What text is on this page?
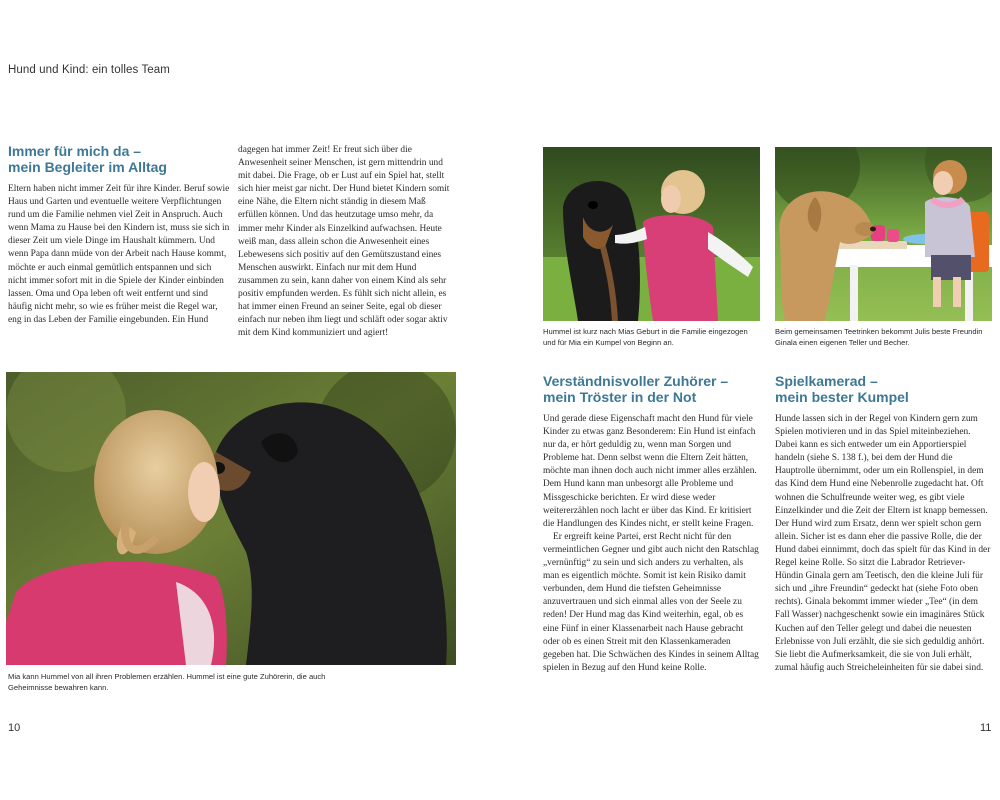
Hund und Kind: ein tolles Team
Immer für mich da –
mein Begleiter im Alltag

Eltern haben nicht immer Zeit für ihre Kinder. Beruf sowie Haus und Garten und eventuelle weitere Verpflichtungen rund um die Familie nehmen viel Zeit in Anspruch. Auch wenn Mama zu Hause bei den Kindern ist, muss sie sich in dieser Zeit um viele Dinge im Haushalt kümmern. Und wenn Papa dann müde von der Arbeit nach Hause kommt, möchte er auch einmal gemütlich entspannen und sich nicht immer sofort mit in die Spiele der Kinder einbinden lassen. Oma und Opa leben oft weit entfernt und sind häufig nicht mehr, so wie es früher meist die Regel war, eng in das Leben der Familie eingebunden. Ein Hund

dagegen hat immer Zeit! Er freut sich über die Anwesenheit seiner Menschen, ist gern mittendrin und mit dabei. Die Frage, ob er Lust auf ein Spiel hat, stellt sich hier meist gar nicht. Der Hund bietet Kindern somit eine Nähe, die Eltern nicht ständig in diesem Maß erfüllen können. Und das heutzutage umso mehr, da immer mehr Kinder als Einzelkind aufwachsen. Heute weiß man, dass allein schon die Anwesenheit eines Lebewesens sich positiv auf den Gemütszustand eines Menschen auswirkt. Einfach nur mit dem Hund zusammen zu sein, kann daher von einem Kind als sehr positiv empfunden werden. Es fühlt sich nicht allein, es hat immer einen Freund an seiner Seite, egal ob dieser einfach nur neben ihm liegt und schläft oder sogar aktiv mit dem Kind kommuniziert und agiert!

Mia kann Hummel von all ihren Problemen erzählen. Hummel ist eine gute Zuhörerin, die auch Geheimnisse bewahren kann.
10
Hummel ist kurz nach Mias Geburt in die Familie eingezogen und für Mia ein Kumpel von Beginn an.
Beim gemeinsamen Teetrinken bekommt Julis beste Freundin Ginala einen eigenen Teller und Becher.
Verständnisvoller Zuhörer –
mein Tröster in der Not

Und gerade diese Eigenschaft macht den Hund für viele Kinder zu etwas ganz Besonderem: Ein Hund ist einfach nur da, er hört geduldig zu, wenn man Sorgen und Probleme hat. Denn selbst wenn die Eltern Zeit hätten, möchte man ihnen doch auch nicht immer alles erzählen. Dem Hund kann man unbesorgt alle Probleme und Missgeschicke berichten. Er wird diese weder weitererzählen noch lacht er über das Kind. Er kritisiert die Handlungen des Kindes nicht, er stellt keine Fragen.

Er ergreift keine Partei, erst Recht nicht für den vermeintlichen Gegner und gibt auch nicht den Ratschlag „vernünftig“ zu sein und sich anders zu verhalten, als man es eigentlich möchte. Somit ist kein Risiko damit verbunden, dem Hund die tiefsten Geheimnisse anzuvertrauen und sich einmal alles von der Seele zu reden! Der Hund mag das Kind weiterhin, egal, ob es eine Fünf in einer Klassenarbeit nach Hause gebracht oder ob es einen Streit mit den Klassenkameraden gegeben hat. Die Schwächen des Kindes in seinem Alltag spielen in Bezug auf den Hund keine Rolle.

Spielkamerad –
mein bester Kumpel

Hunde lassen sich in der Regel von Kindern gern zum Spielen motivieren und in das Spiel miteinbeziehen. Dabei kann es sich entweder um ein Apportierspiel handeln (siehe S. 138 f.), bei dem der Hund die Hauptrolle übernimmt, oder um ein Rollenspiel, in dem das Kind dem Hund eine Nebenrolle zugedacht hat. Oft wohnen die Schulfreunde weiter weg, es gibt viele Einzelkinder und die Zeit der Eltern ist knapp bemessen. Der Hund wird zum Ersatz, denn wer spielt schon gern allein. Sicher ist es dann eher die passive Rolle, die der Hund dabei einnimmt, doch das spielt für das Kind in der Regel keine Rolle. So sitzt die Labrador Retriever-Hündin Ginala gern am Teetisch, den die kleine Juli für sich und „ihre Freundin“ gedeckt hat (siehe Foto oben rechts). Ginala bekommt immer wieder „Tee“ (in dem Fall Wasser) nachgeschenkt sowie ein imaginäres Stück Kuchen auf den Teller gelegt und dabei die neuesten Erlebnisse von Juli erzählt, die sie sich geduldig anhört. Sie liebt die Aufmerksamkeit, die sie von Juli erhält, zumal häufig auch Streicheleinheiten für sie dabei sind.

11
